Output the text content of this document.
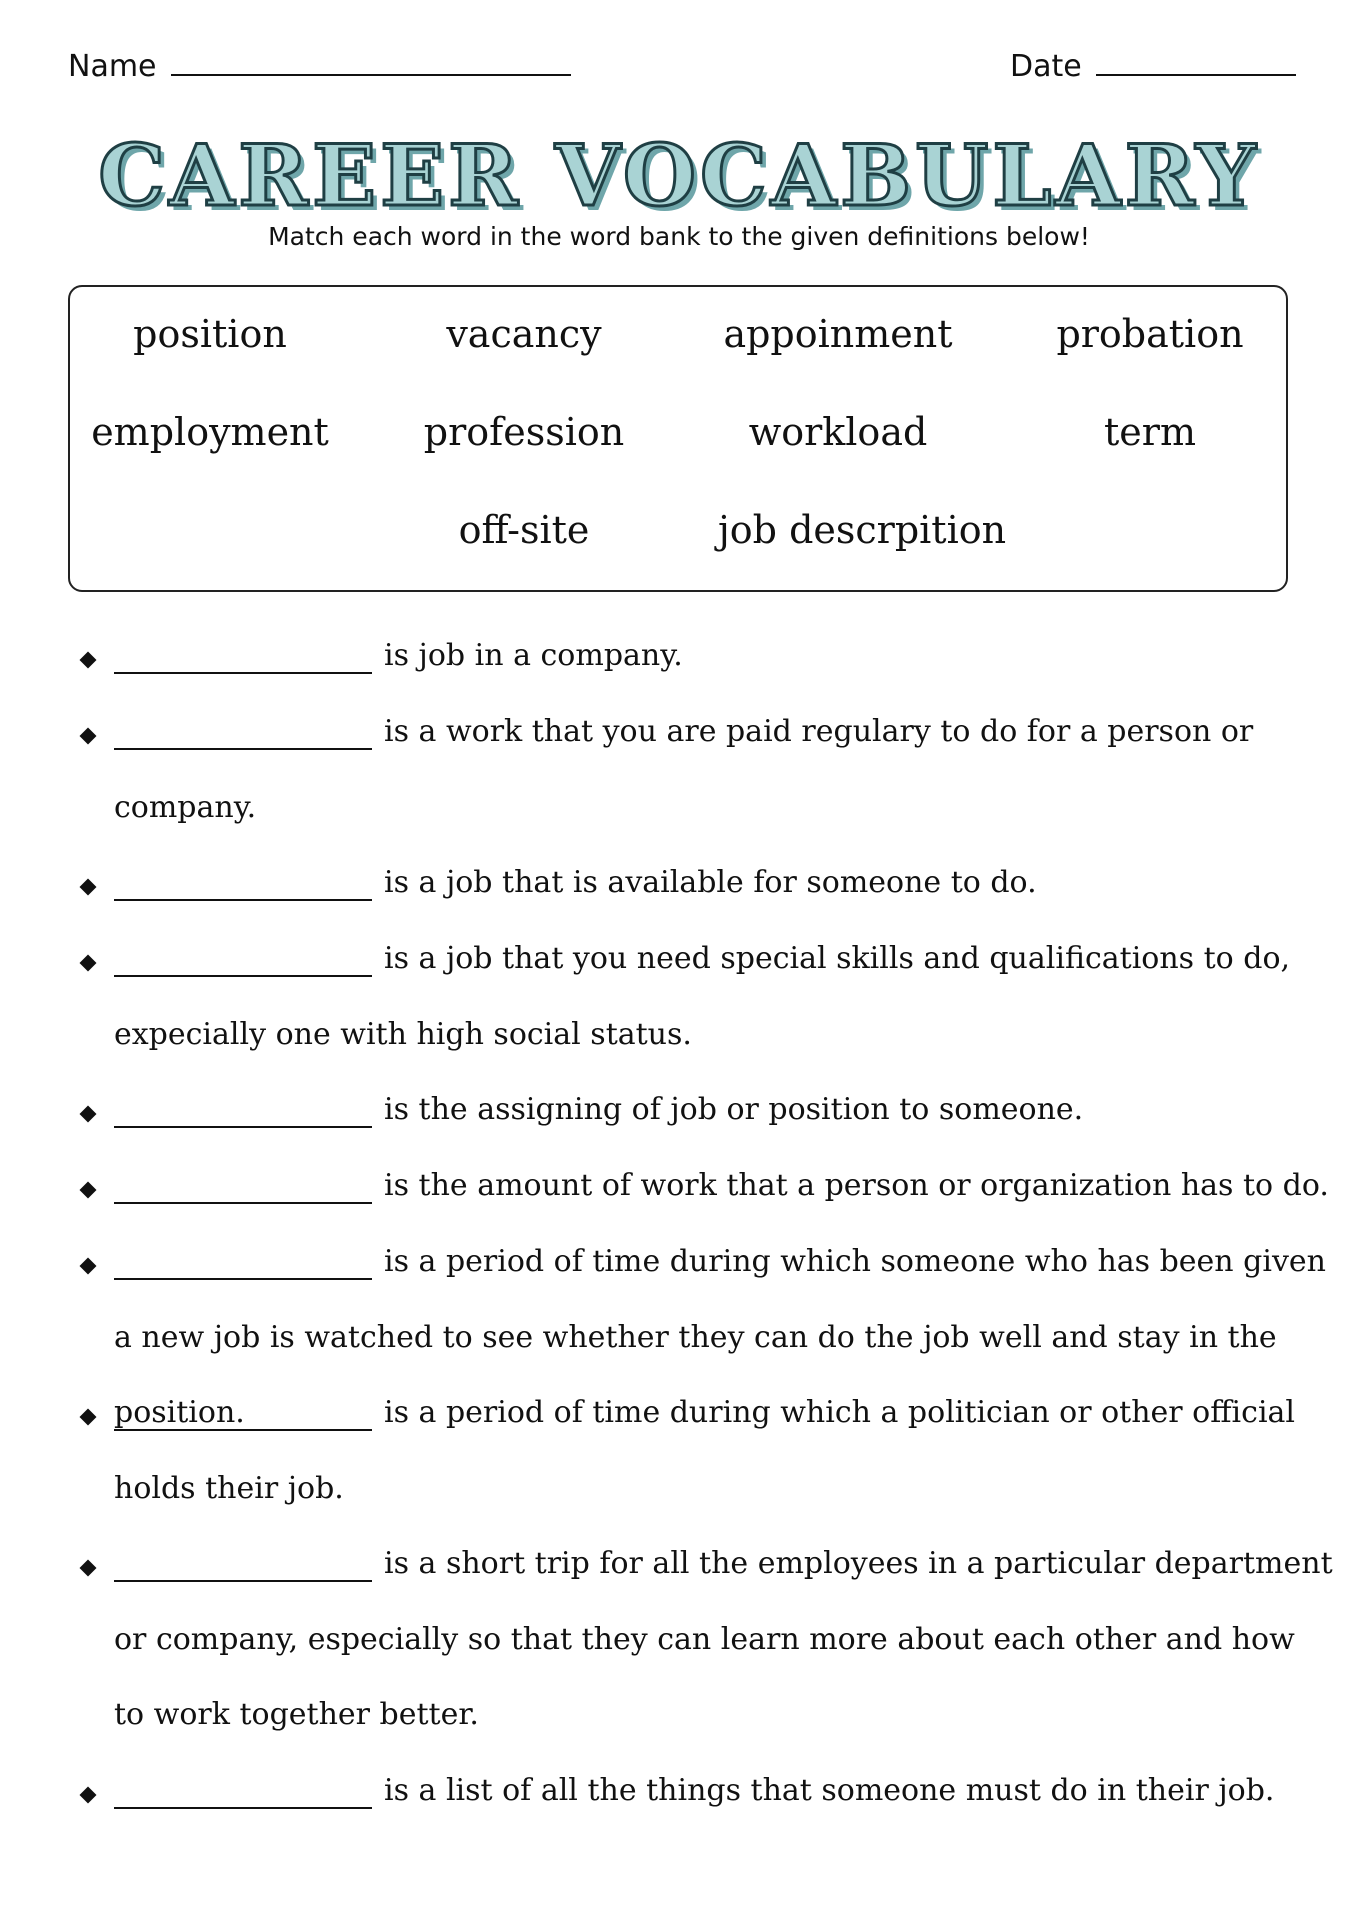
Name	Date
CAREER VOCABULARY
Match each word in the word bank to the given definitions below!
position	vacancy	appoinment	probation
employment	profession	workload	term
off-site	job descrpition
is job in a company.
is a work that you are paid regulary to do for a person or company.
is a job that is available for someone to do.
is a job that you need special skills and qualifications to do, expecially one with high social status.
is the assigning of job or position to someone.
is the amount of work that a person or organization has to do.
is a period of time during which someone who has been given a new job is watched to see whether they can do the job well and stay in the position.	is a period of time during which a politician or other official holds their job.
is a short trip for all the employees in a particular department or company, especially so that they can learn more about each other and how to work together better.
is a list of all the things that someone must do in their job.
